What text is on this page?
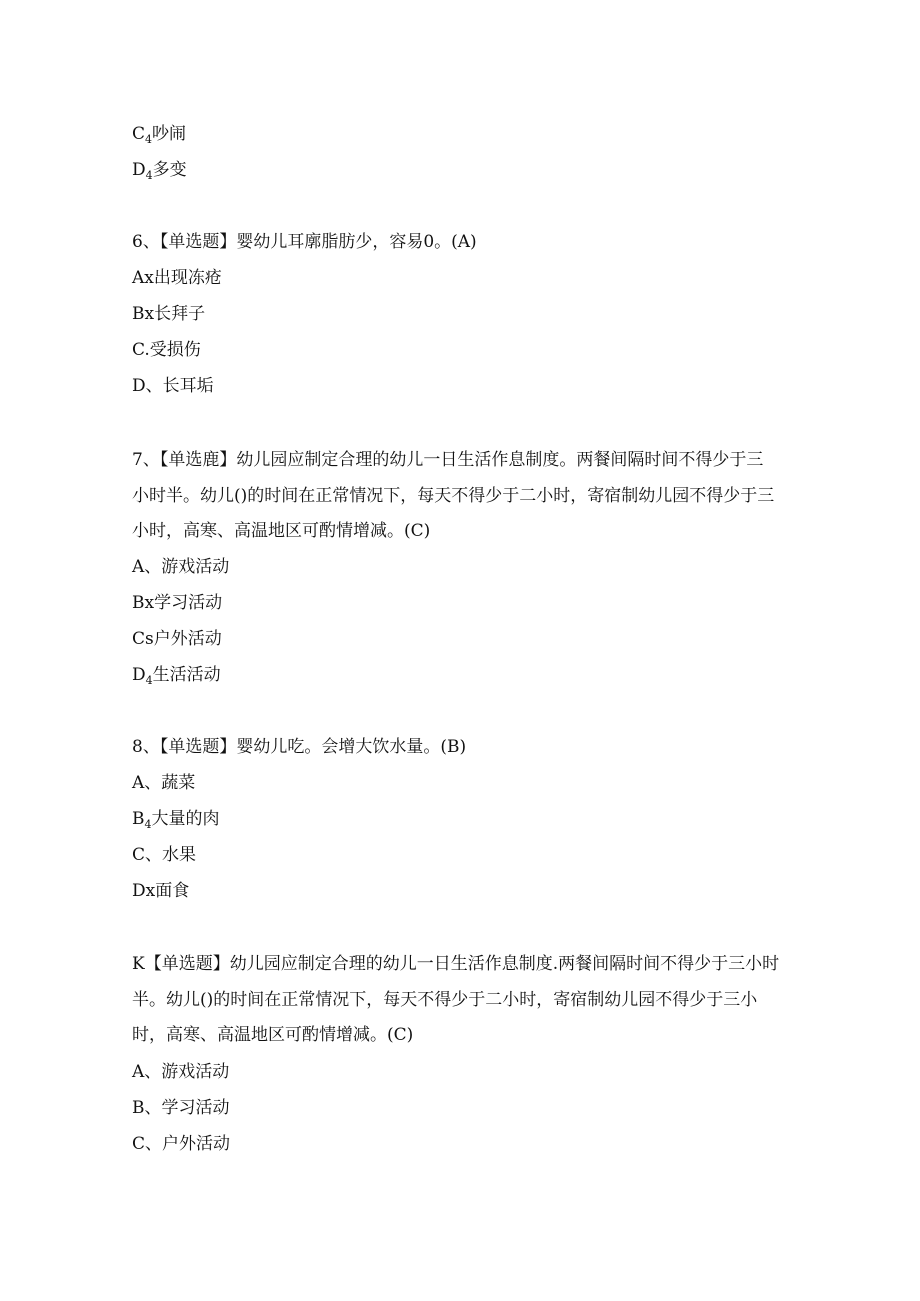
$C_4$吵闹
$D_4$多变
6、【单选题】婴幼儿耳廓脂肪少，容易0。(A)
Ax出现冻疮
Bx长拜子
C.受损伤
D、长耳垢
7、【单选鹿】幼儿园应制定合理的幼儿一日生活作息制度。两餐间隔时间不得少于三
小时半。幼儿()的时间在正常情况下，每天不得少于二小时，寄宿制幼儿园不得少于三
小时，高寒、高温地区可酌情增减。(C)
A、游戏活动
Bx学习活动
Cs户外活动
$D_4$生活活动
8、【单选题】婴幼儿吃。会增大饮水量。(B)
A、蔬菜
$B_4$大量的肉
C、水果
Dx面食
K【单选题】幼儿园应制定合理的幼儿一日生活作息制度.两餐间隔时间不得少于三小时
半。幼儿()的时间在正常情况下，每天不得少于二小时，寄宿制幼儿园不得少于三小
时，高寒、高温地区可酌情增减。(C)
A、游戏活动
B、学习活动
C、户外活动
